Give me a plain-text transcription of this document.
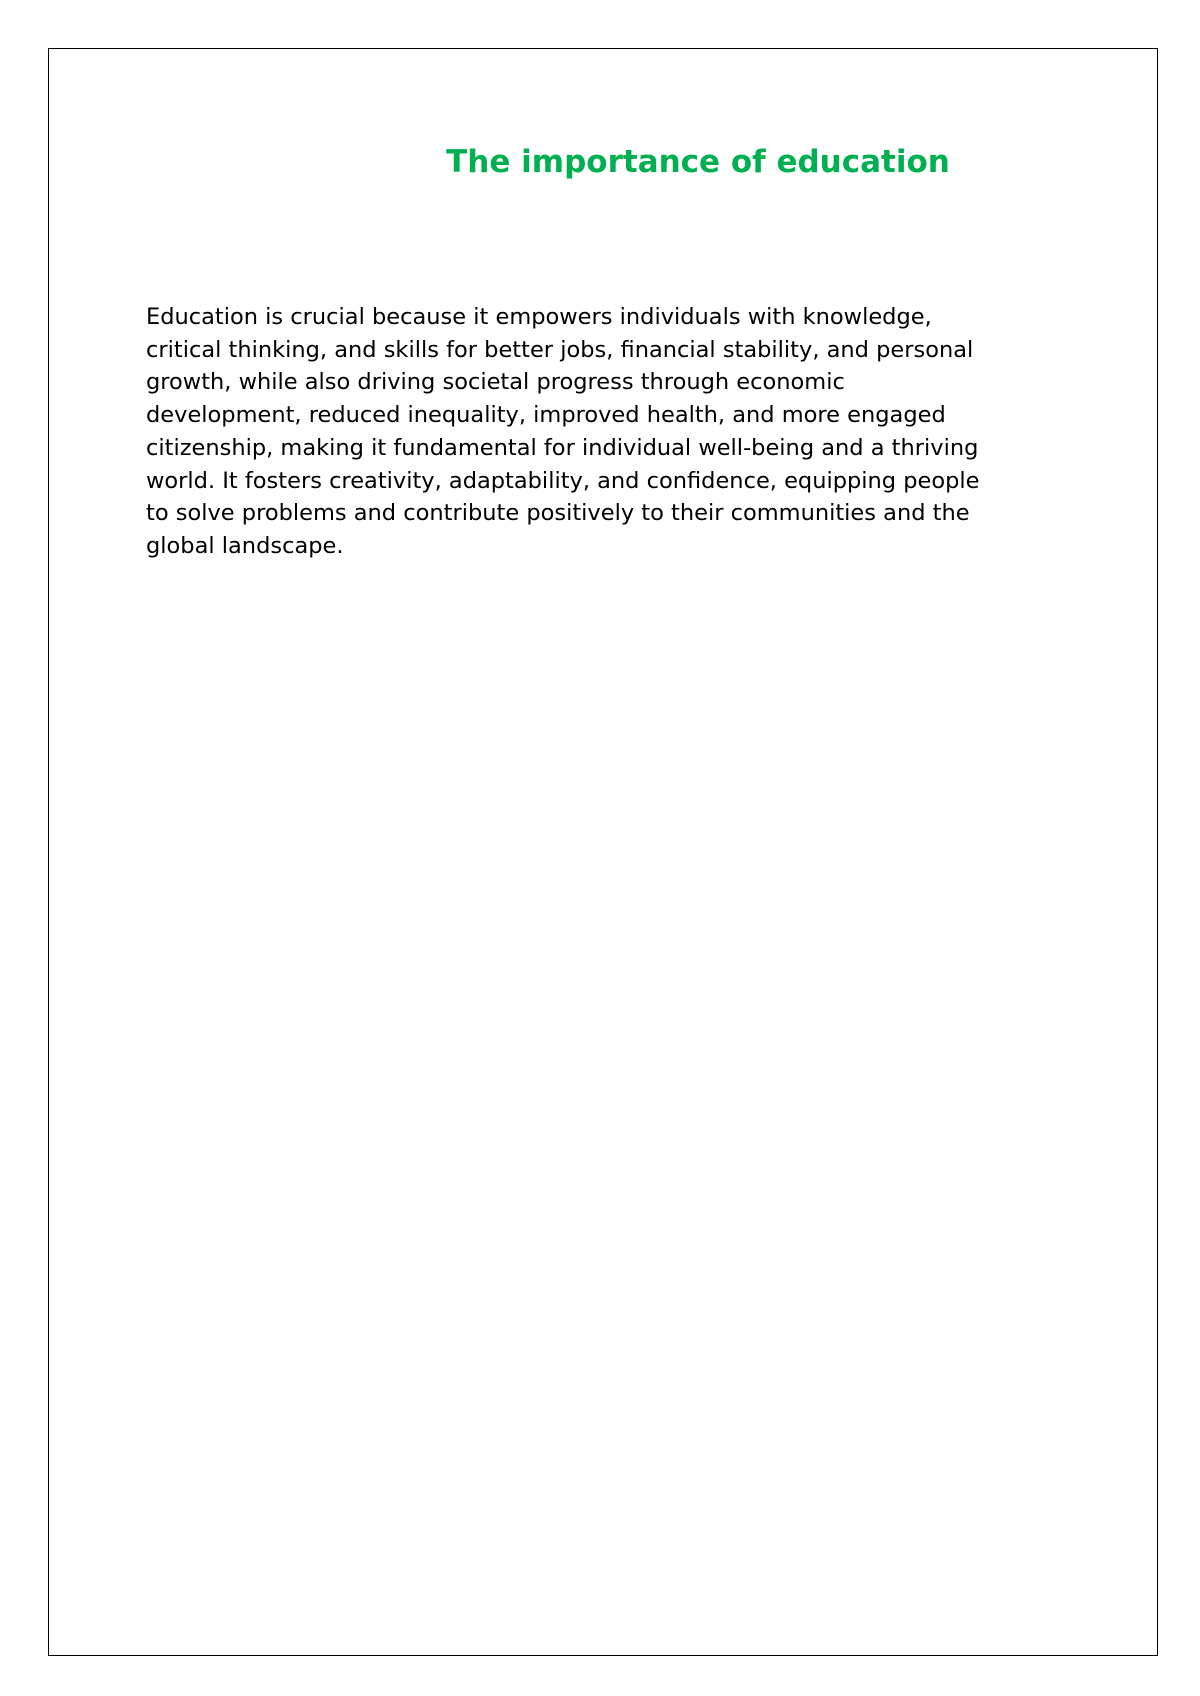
The importance of education

Education is crucial because it empowers individuals with knowledge,
critical thinking, and skills for better jobs, financial stability, and personal
growth, while also driving societal progress through economic
development, reduced inequality, improved health, and more engaged
citizenship, making it fundamental for individual well-being and a thriving
world. It fosters creativity, adaptability, and confidence, equipping people
to solve problems and contribute positively to their communities and the
global landscape.
